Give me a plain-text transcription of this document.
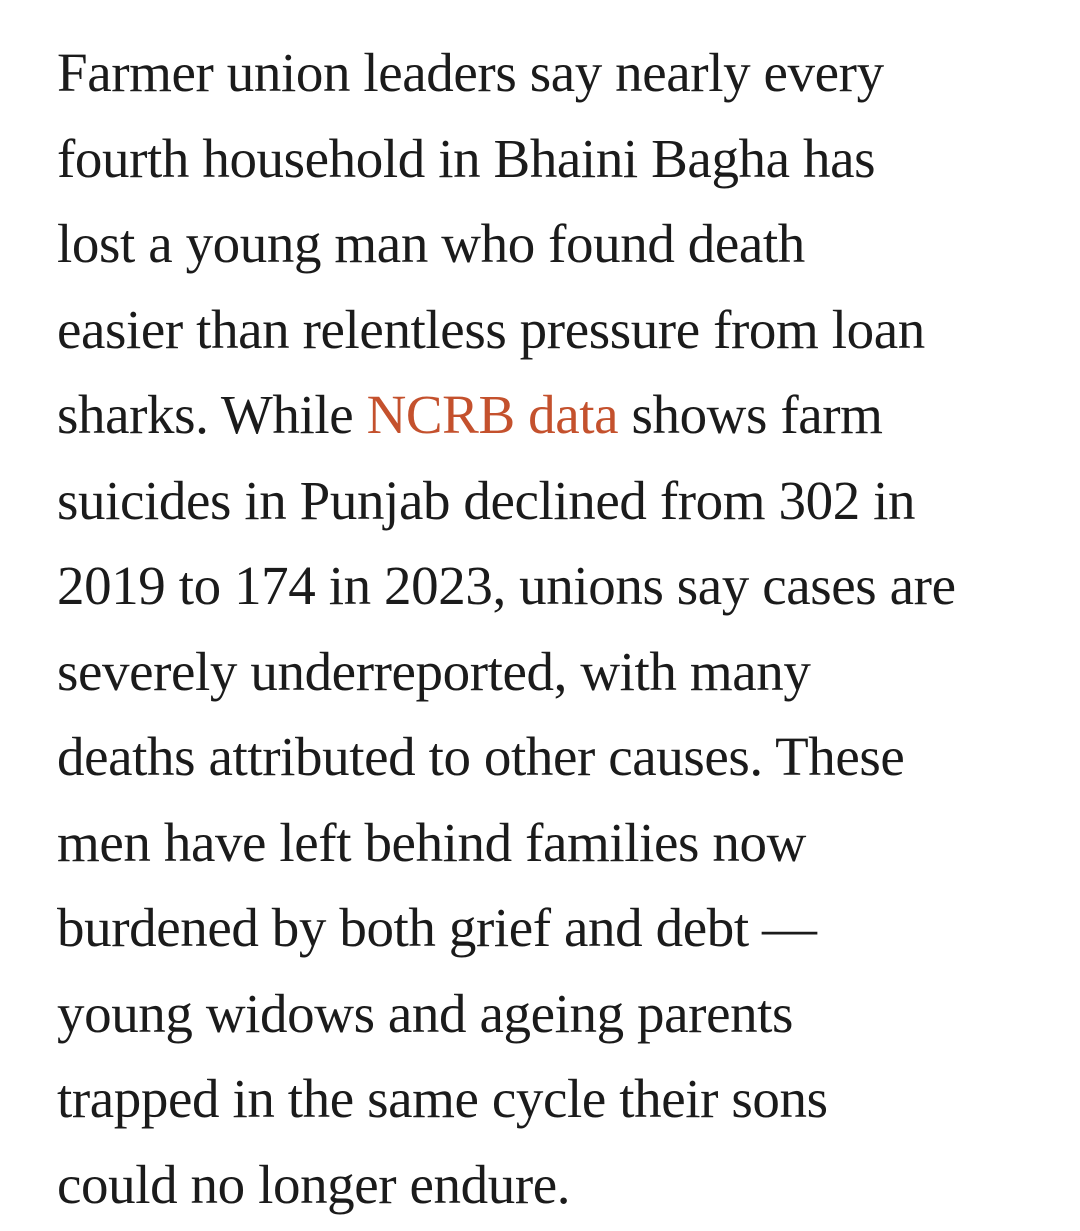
Farmer union leaders say nearly every
fourth household in Bhaini Bagha has
lost a young man who found death
easier than relentless pressure from loan
sharks. While NCRB data shows farm
suicides in Punjab declined from 302 in
2019 to 174 in 2023, unions say cases are
severely underreported, with many
deaths attributed to other causes. These
men have left behind families now
burdened by both grief and debt —
young widows and ageing parents
trapped in the same cycle their sons
could no longer endure.
